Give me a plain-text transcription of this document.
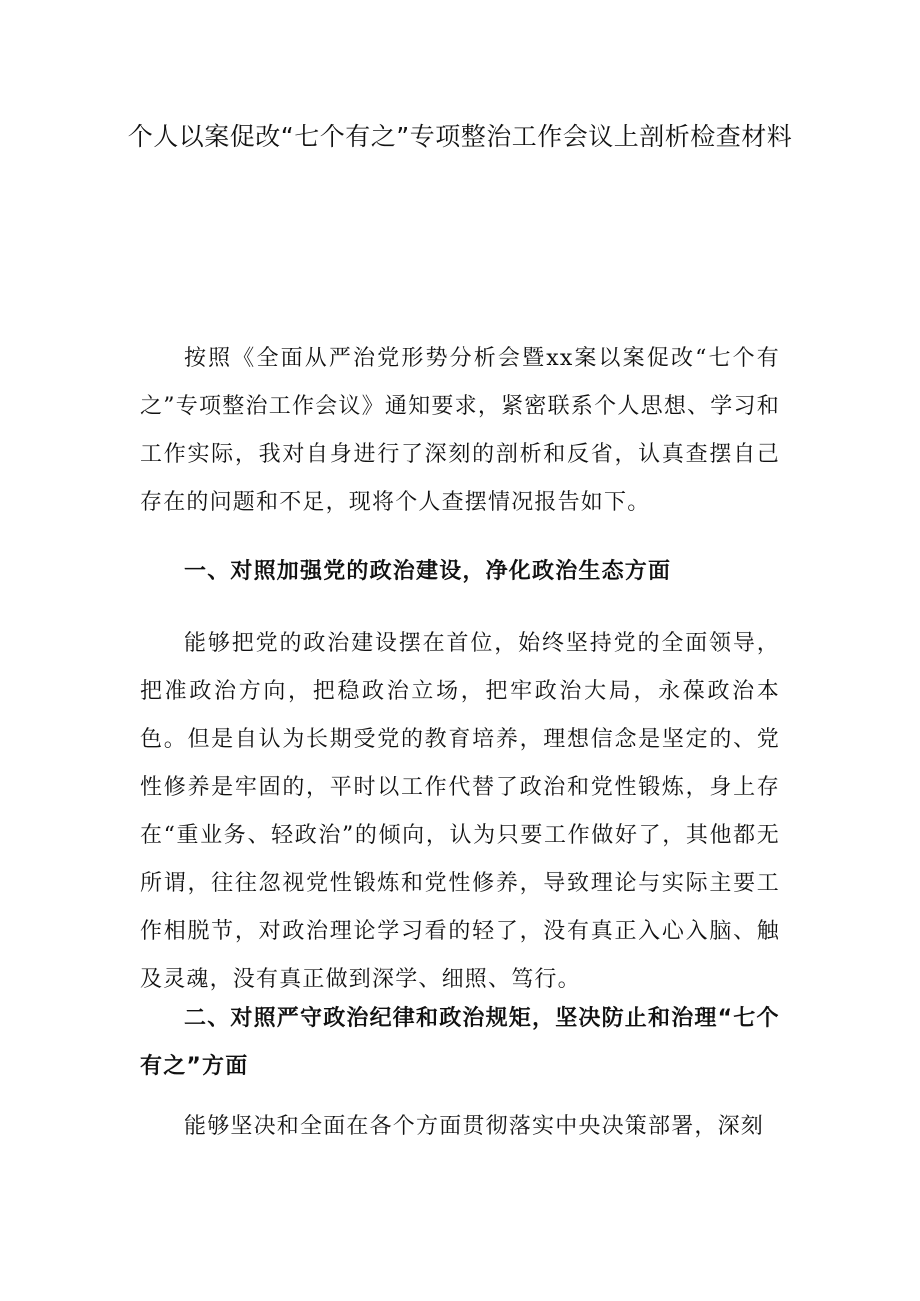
个人以案促改“七个有之”专项整治工作会议上剖析检查材料

按照《全面从严治党形势分析会暨xx案以案促改“七个有之”专项整治工作会议》通知要求，紧密联系个人思想、学习和工作实际，我对自身进行了深刻的剖析和反省，认真查摆自己存在的问题和不足，现将个人查摆情况报告如下。

一、对照加强党的政治建设，净化政治生态方面

能够把党的政治建设摆在首位，始终坚持党的全面领导，把准政治方向，把稳政治立场，把牢政治大局，永葆政治本色。但是自认为长期受党的教育培养，理想信念是坚定的、党性修养是牢固的，平时以工作代替了政治和党性锻炼，身上存在“重业务、轻政治”的倾向，认为只要工作做好了，其他都无所谓，往往忽视党性锻炼和党性修养，导致理论与实际主要工作相脱节，对政治理论学习看的轻了，没有真正入心入脑、触及灵魂，没有真正做到深学、细照、笃行。

二、对照严守政治纪律和政治规矩，坚决防止和治理“七个有之”方面

能够坚决和全面在各个方面贯彻落实中央决策部署，深刻
